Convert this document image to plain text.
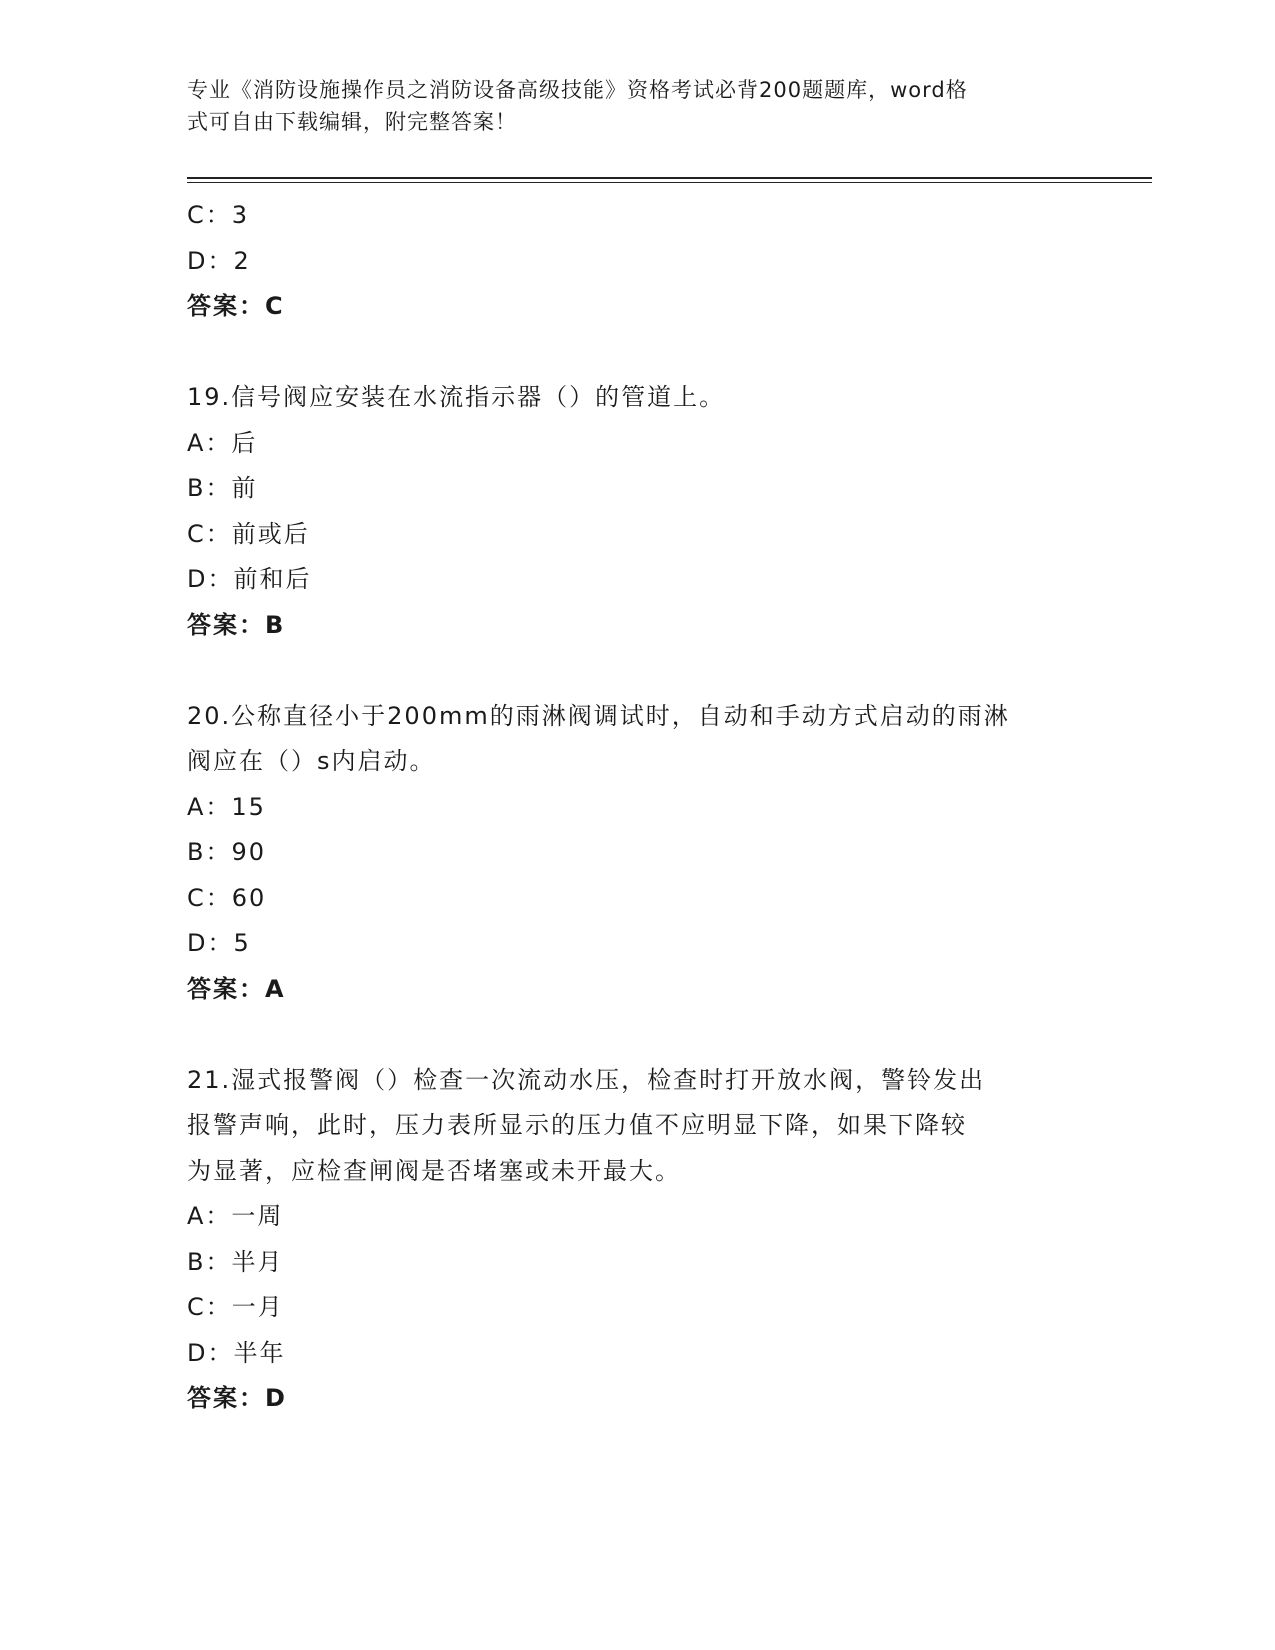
专业《消防设施操作员之消防设备高级技能》资格考试必背200题题库，word格
式可自由下载编辑，附完整答案！
C：3
D：2
答案：C
19.信号阀应安装在水流指示器（）的管道上。
A：后
B：前
C：前或后
D：前和后
答案：B
20.公称直径小于200mm的雨淋阀调试时，自动和手动方式启动的雨淋
阀应在（）s内启动。
A：15
B：90
C：60
D：5
答案：A
21.湿式报警阀（）检查一次流动水压，检查时打开放水阀，警铃发出
报警声响，此时，压力表所显示的压力值不应明显下降，如果下降较
为显著，应检查闸阀是否堵塞或未开最大。
A：一周
B：半月
C：一月
D：半年
答案：D
